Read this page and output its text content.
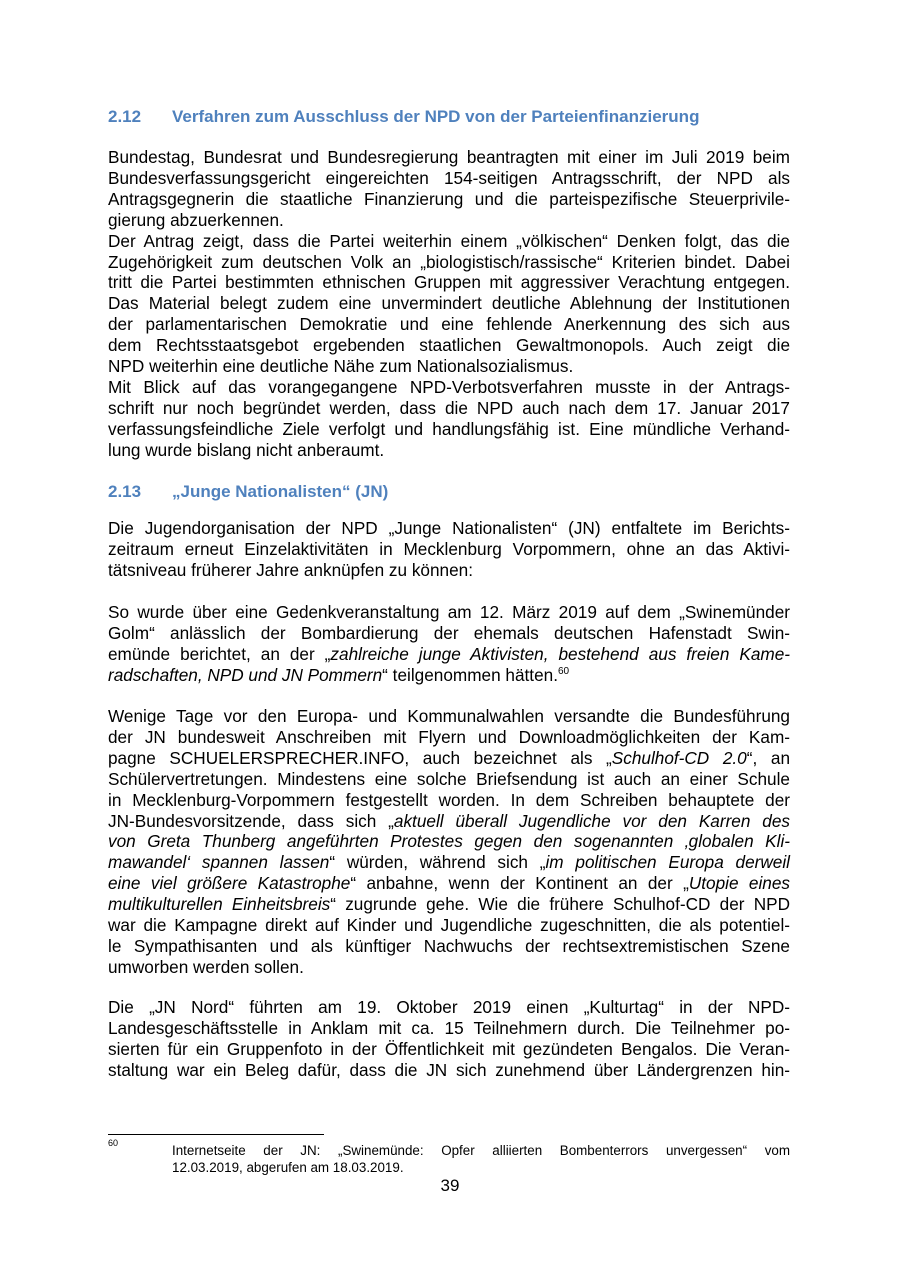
2.12 Verfahren zum Ausschluss der NPD von der Parteienfinanzierung
Bundestag, Bundesrat und Bundesregierung beantragten mit einer im Juli 2019 beim
Bundesverfassungsgericht eingereichten 154-seitigen Antragsschrift, der NPD als
Antragsgegnerin die staatliche Finanzierung und die parteispezifische Steuerprivile-
gierung abzuerkennen.
Der Antrag zeigt, dass die Partei weiterhin einem „völkischen“ Denken folgt, das die
Zugehörigkeit zum deutschen Volk an „biologistisch/rassische“ Kriterien bindet. Dabei
tritt die Partei bestimmten ethnischen Gruppen mit aggressiver Verachtung entgegen.
Das Material belegt zudem eine unvermindert deutliche Ablehnung der Institutionen
der parlamentarischen Demokratie und eine fehlende Anerkennung des sich aus
dem Rechtsstaatsgebot ergebenden staatlichen Gewaltmonopols. Auch zeigt die
NPD weiterhin eine deutliche Nähe zum Nationalsozialismus.
Mit Blick auf das vorangegangene NPD-Verbotsverfahren musste in der Antrags-
schrift nur noch begründet werden, dass die NPD auch nach dem 17. Januar 2017
verfassungsfeindliche Ziele verfolgt und handlungsfähig ist. Eine mündliche Verhand-
lung wurde bislang nicht anberaumt.
2.13 „Junge Nationalisten“ (JN)
Die Jugendorganisation der NPD „Junge Nationalisten“ (JN) entfaltete im Berichts-
zeitraum erneut Einzelaktivitäten in Mecklenburg Vorpommern, ohne an das Aktivi-
tätsniveau früherer Jahre anknüpfen zu können:
So wurde über eine Gedenkveranstaltung am 12. März 2019 auf dem „Swinemünder
Golm“ anlässlich der Bombardierung der ehemals deutschen Hafenstadt Swin-
emünde berichtet, an der „zahlreiche junge Aktivisten, bestehend aus freien Kame-
radschaften, NPD und JN Pommern“ teilgenommen hätten.$^{60}$
Wenige Tage vor den Europa- und Kommunalwahlen versandte die Bundesführung
der JN bundesweit Anschreiben mit Flyern und Downloadmöglichkeiten der Kam-
pagne SCHUELERSPRECHER.INFO, auch bezeichnet als „Schulhof-CD 2.0“, an
Schülervertretungen. Mindestens eine solche Briefsendung ist auch an einer Schule
in Mecklenburg-Vorpommern festgestellt worden. In dem Schreiben behauptete der
JN-Bundesvorsitzende, dass sich „aktuell überall Jugendliche vor den Karren des
von Greta Thunberg angeführten Protestes gegen den sogenannten ‚globalen Kli-
mawandel‘ spannen lassen“ würden, während sich „im politischen Europa derweil
eine viel größere Katastrophe“ anbahne, wenn der Kontinent an der „Utopie eines
multikulturellen Einheitsbreis“ zugrunde gehe. Wie die frühere Schulhof-CD der NPD
war die Kampagne direkt auf Kinder und Jugendliche zugeschnitten, die als potentiel-
le Sympathisanten und als künftiger Nachwuchs der rechtsextremistischen Szene
umworben werden sollen.
Die „JN Nord“ führten am 19. Oktober 2019 einen „Kulturtag“ in der NPD-
Landesgeschäftsstelle in Anklam mit ca. 15 Teilnehmern durch. Die Teilnehmer po-
sierten für ein Gruppenfoto in der Öffentlichkeit mit gezündeten Bengalos. Die Veran-
staltung war ein Beleg dafür, dass die JN sich zunehmend über Ländergrenzen hin-
60	Internetseite der JN: „Swinemünde: Opfer alliierten Bombenterrors unvergessen“ vom
12.03.2019, abgerufen am 18.03.2019.
39
